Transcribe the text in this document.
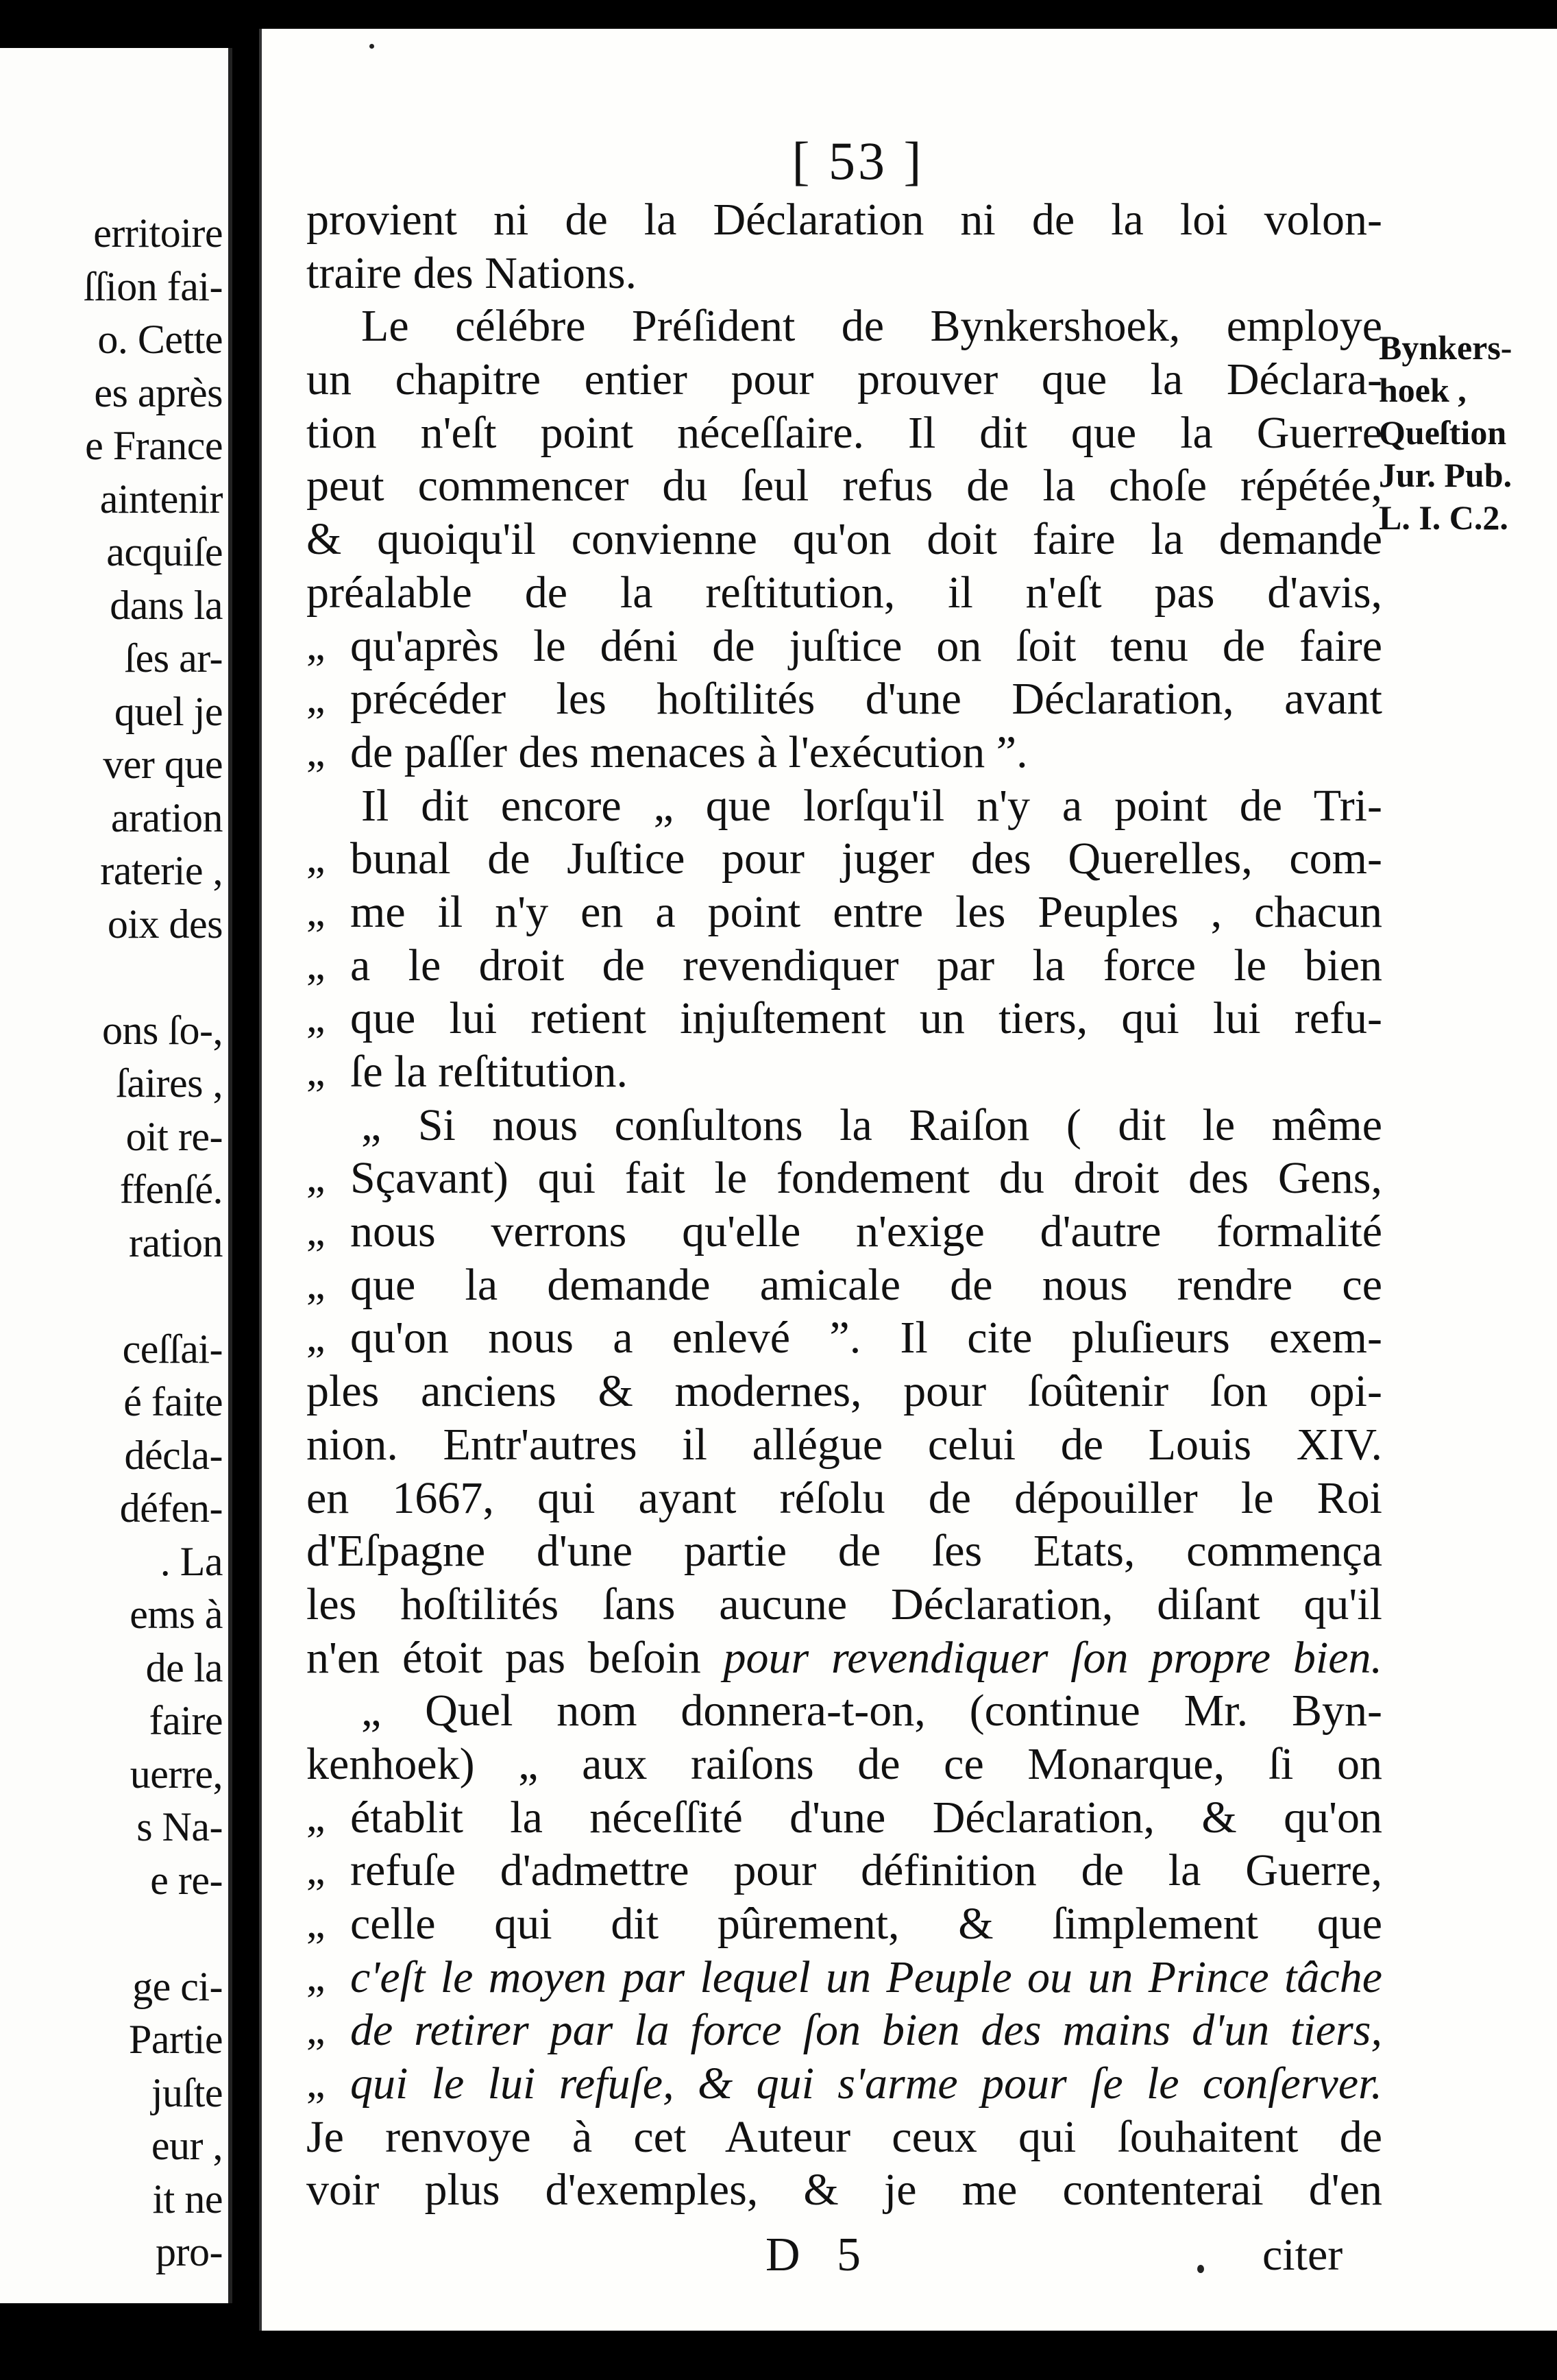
erritoire
ſſion fai-
o. Cette
es après
e France
aintenir
acquiſe
dans la
ſes ar-
quel je
ver que
aration
raterie ,
oix des
ons ſo-,
ſaires ,
oit re-
ffenſé.
ration
ceſſai-
é faite
décla-
défen-
. La
ems à
de la
faire
uerre,
s Na-
e re-
ge ci-
Partie
juſte
eur ,
it ne
pro-
[ 53 ]
provient ni de la Déclaration ni de la loi volon-
traire des Nations.
Le célébre Préſident de Bynkershoek, employe
un chapitre entier pour prouver que la Déclara-
tion n'eſt point néceſſaire. Il dit que la Guerre
peut commencer du ſeul refus de la choſe répétée,
& quoiqu'il convienne qu'on doit faire la demande
préalable de la reſtitution, il n'eſt pas d'avis,
„ qu'après le déni de juſtice on ſoit tenu de faire
„ précéder les hoſtilités d'une Déclaration, avant
„ de paſſer des menaces à l'exécution ”.
Il dit encore „ que lorſqu'il n'y a point de Tri-
„ bunal de Juſtice pour juger des Querelles, com-
„ me il n'y en a point entre les Peuples , chacun
„ a le droit de revendiquer par la force le bien
„ que lui retient injuſtement un tiers, qui lui refu-
„ ſe la reſtitution.
„ Si nous conſultons la Raiſon ( dit le même
„ Sçavant) qui fait le fondement du droit des Gens,
„ nous verrons qu'elle n'exige d'autre formalité
„ que la demande amicale de nous rendre ce
„ qu'on nous a enlevé ”. Il cite pluſieurs exem-
ples anciens & modernes, pour ſoûtenir ſon opi-
nion. Entr'autres il allégue celui de Louis XIV.
en 1667, qui ayant réſolu de dépouiller le Roi
d'Eſpagne d'une partie de ſes Etats, commença
les hoſtilités ſans aucune Déclaration, diſant qu'il
n'en étoit pas beſoin pour revendiquer ſon propre bien.
„ Quel nom donnera-t-on, (continue Mr. Byn-
kenhoek) „ aux raiſons de ce Monarque, ſi on
„ établit la néceſſité d'une Déclaration, & qu'on
„ refuſe d'admettre pour définition de la Guerre,
„ celle qui dit pûrement, & ſimplement que
„ c'eſt le moyen par lequel un Peuple ou un Prince tâche
„ de retirer par la force ſon bien des mains d'un tiers,
„ qui le lui refuſe, & qui s'arme pour ſe le conſerver.
Je renvoye à cet Auteur ceux qui ſouhaitent de
voir plus d'exemples, & je me contenterai d'en
Bynkers-
hoek ,
Queſtion
Jur. Pub.
L. I. C.2.
D 5	citer
